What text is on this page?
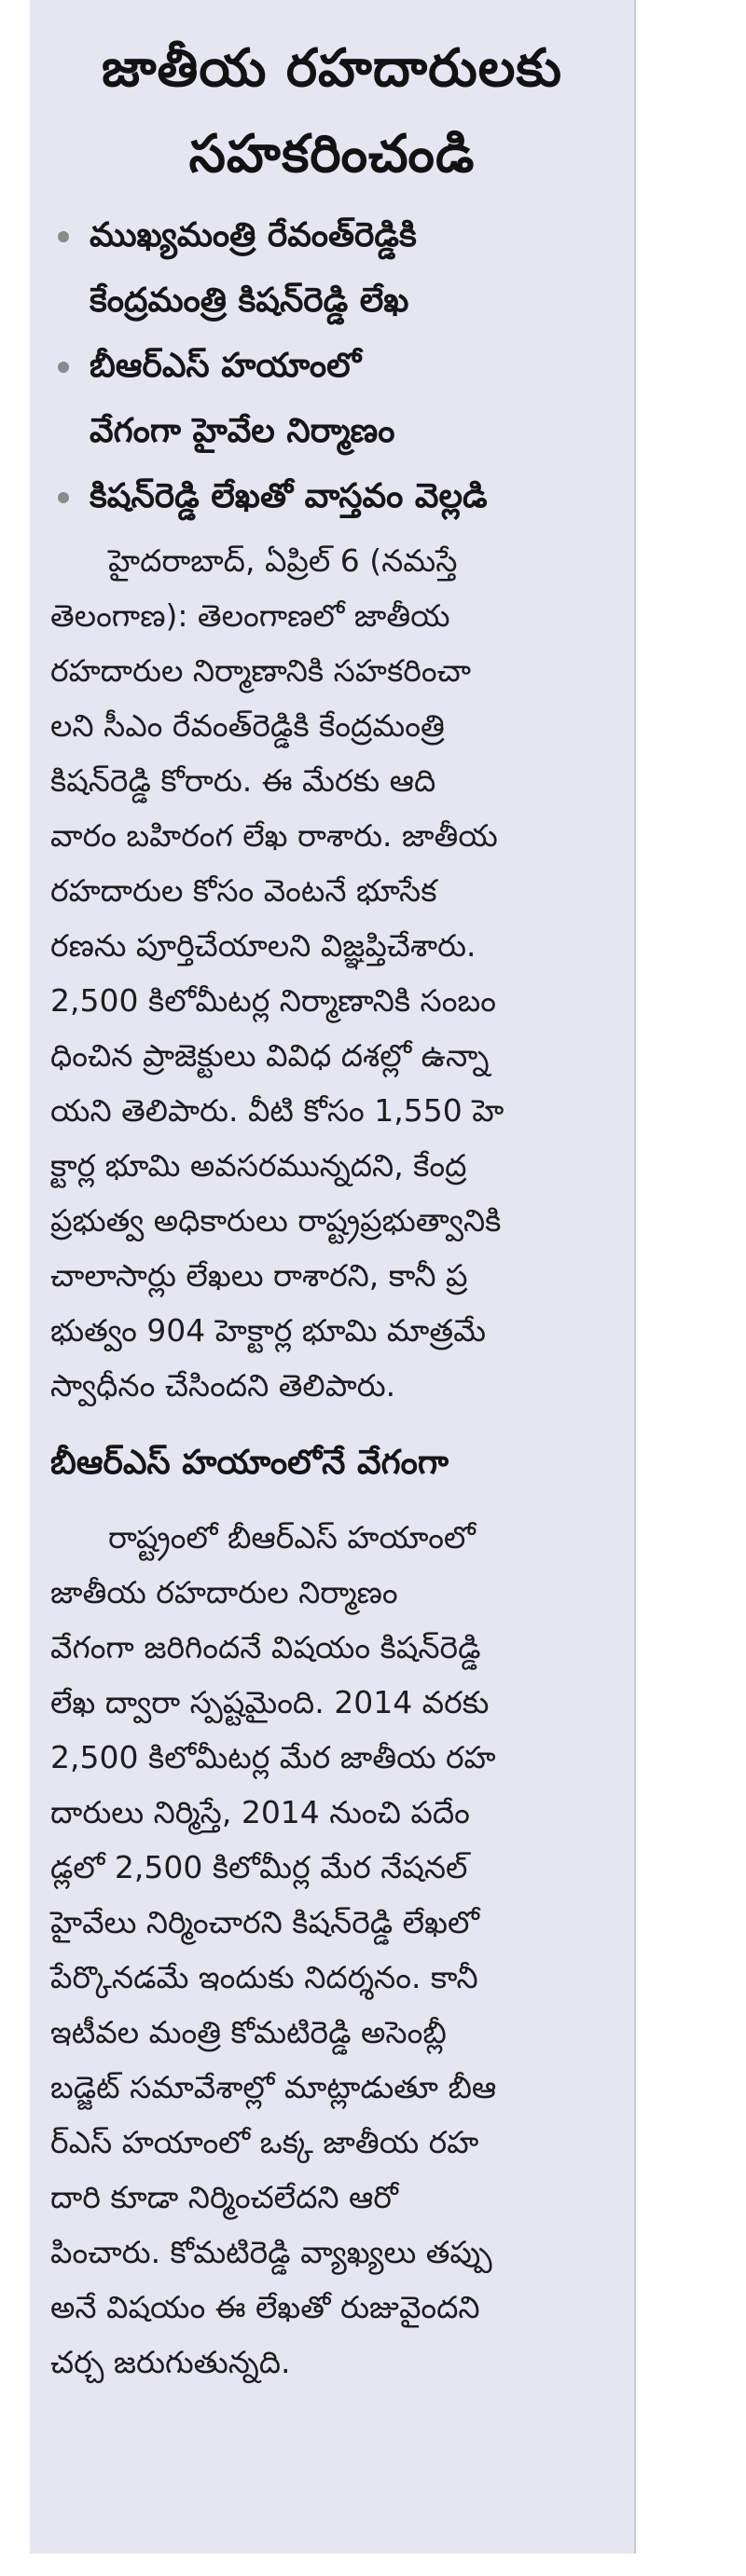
జాతీయ రహదారులకు
సహకరించండి
ముఖ్యమంత్రి రేవంత్‌రెడ్డికి
కేంద్రమంత్రి కిషన్‌రెడ్డి లేఖ
బీఆర్‌ఎస్‌ హయాంలో
వేగంగా హైవేల నిర్మాణం
కిషన్‌రెడ్డి లేఖతో వాస్తవం వెల్లడి

హైదరాబాద్‌, ఏప్రిల్‌ 6 (నమస్తే
తెలంగాణ): తెలంగాణలో జాతీయ
రహదారుల నిర్మాణానికి సహకరించా
లని సీఎం రేవంత్‌రెడ్డికి కేంద్రమంత్రి
కిషన్‌రెడ్డి కోరారు. ఈ మేరకు ఆది
వారం బహిరంగ లేఖ రాశారు. జాతీయ
రహదారుల కోసం వెంటనే భూసేక
రణను పూర్తిచేయాలని విజ్ఞప్తిచేశారు.
2,500 కిలోమీటర్ల నిర్మాణానికి సంబం
ధించిన ప్రాజెక్టులు వివిధ దశల్లో ఉన్నా
యని తెలిపారు. వీటి కోసం 1,550 హె
క్టార్ల భూమి అవసరమున్నదని, కేంద్ర
ప్రభుత్వ అధికారులు రాష్ట్రప్రభుత్వానికి
చాలాసార్లు లేఖలు రాశారని, కానీ ప్ర
భుత్వం 904 హెక్టార్ల భూమి మాత్రమే
స్వాధీనం చేసిందని తెలిపారు.

బీఆర్‌ఎస్‌ హయాంలోనే వేగంగా

రాష్ట్రంలో బీఆర్‌ఎస్‌ హయాంలో
జాతీయ రహదారుల నిర్మాణం
వేగంగా జరిగిందనే విషయం కిషన్‌రెడ్డి
లేఖ ద్వారా స్పష్టమైంది. 2014 వరకు
2,500 కిలోమీటర్ల మేర జాతీయ రహ
దారులు నిర్మిస్తే, 2014 నుంచి పదేం
డ్లలో 2,500 కిలోమీర్ల మేర నేషనల్‌
హైవేలు నిర్మించారని కిషన్‌రెడ్డి లేఖలో
పేర్కొనడమే ఇందుకు నిదర్శనం. కానీ
ఇటీవల మంత్రి కోమటిరెడ్డి అసెంబ్లీ
బడ్జెట్‌ సమావేశాల్లో మాట్లాడుతూ బీఆ
ర్‌ఎస్‌ హయాంలో ఒక్క జాతీయ రహ
దారి కూడా నిర్మించలేదని ఆరో
పించారు. కోమటిరెడ్డి వ్యాఖ్యలు తప్పు
అనే విషయం ఈ లేఖతో రుజువైందని
చర్చ జరుగుతున్నది.
